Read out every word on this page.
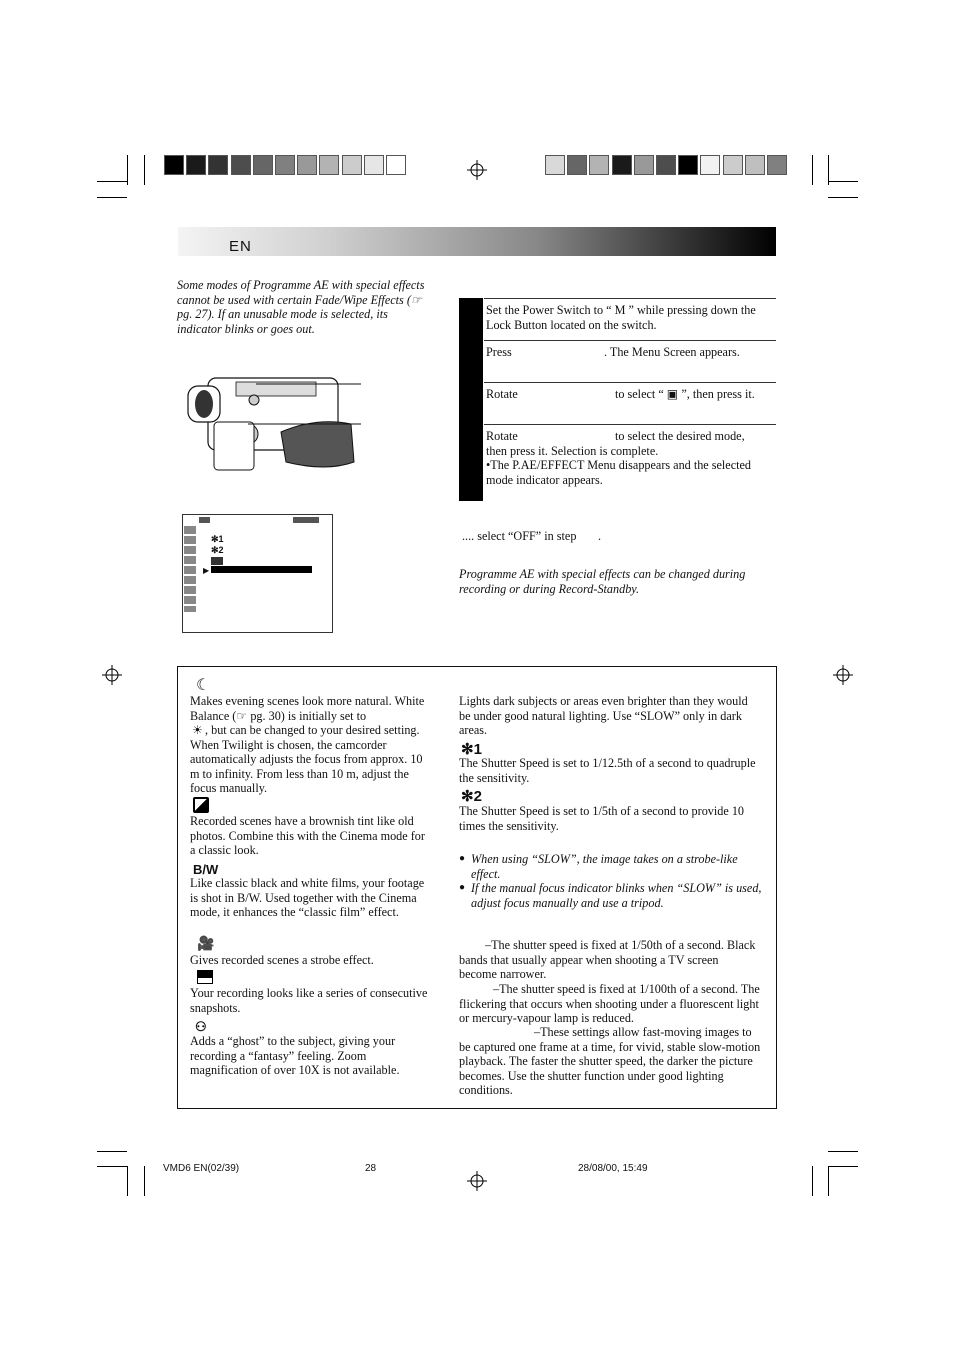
EN
Some modes of Programme AE with special effects cannot be used with certain Fade/Wipe Effects (☞ pg. 27). If an unusable mode is selected, its indicator blinks or goes out.
✻1
✻2
▶
Set the Power Switch to “ M ” while pressing down the Lock Button located on the switch.
Press	. The Menu Screen appears.
Rotate	to select “ ▣ ”, then press it.
Rotate	to select the desired mode,
then press it. Selection is complete.
•The P.AE/EFFECT Menu disappears and the selected mode indicator appears.
.... select “OFF” in step .
Programme AE with special effects can be changed during recording or during Record-Standby.
☾
Makes evening scenes look more natural. White Balance (☞ pg. 30) is initially set to
☀ , but can be changed to your desired setting. When Twilight is chosen, the camcorder automatically adjusts the focus from approx. 10 m to infinity. From less than 10 m, adjust the focus manually.
Recorded scenes have a brownish tint like old photos. Combine this with the Cinema mode for a classic look.
B/W
Like classic black and white films, your footage is shot in B/W. Used together with the Cinema mode, it enhances the “classic film” effect.
🎥
Gives recorded scenes a strobe effect.
Your recording looks like a series of consecutive snapshots.
⚇
Adds a “ghost” to the subject, giving your recording a “fantasy” feeling. Zoom magnification of over 10X is not available.
Lights dark subjects or areas even brighter than they would be under good natural lighting. Use “SLOW” only in dark areas.
✻1
The Shutter Speed is set to 1/12.5th of a second to quadruple the sensitivity.
✻2
The Shutter Speed is set to 1/5th of a second to provide 10 times the sensitivity.
● When using “SLOW”, the image takes on a strobe-like effect.
● If the manual focus indicator blinks when “SLOW” is used, adjust focus manually and use a tripod.
–The shutter speed is fixed at 1/50th of a second. Black bands that usually appear when shooting a TV screen become narrower.
–The shutter speed is fixed at 1/100th of a second. The flickering that occurs when shooting under a fluorescent light or mercury-vapour lamp is reduced.
–These settings allow fast-moving images to be captured one frame at a time, for vivid, stable slow-motion playback. The faster the shutter speed, the darker the picture becomes. Use the shutter function under good lighting conditions.
VMD6 EN(02/39)	28	28/08/00, 15:49
